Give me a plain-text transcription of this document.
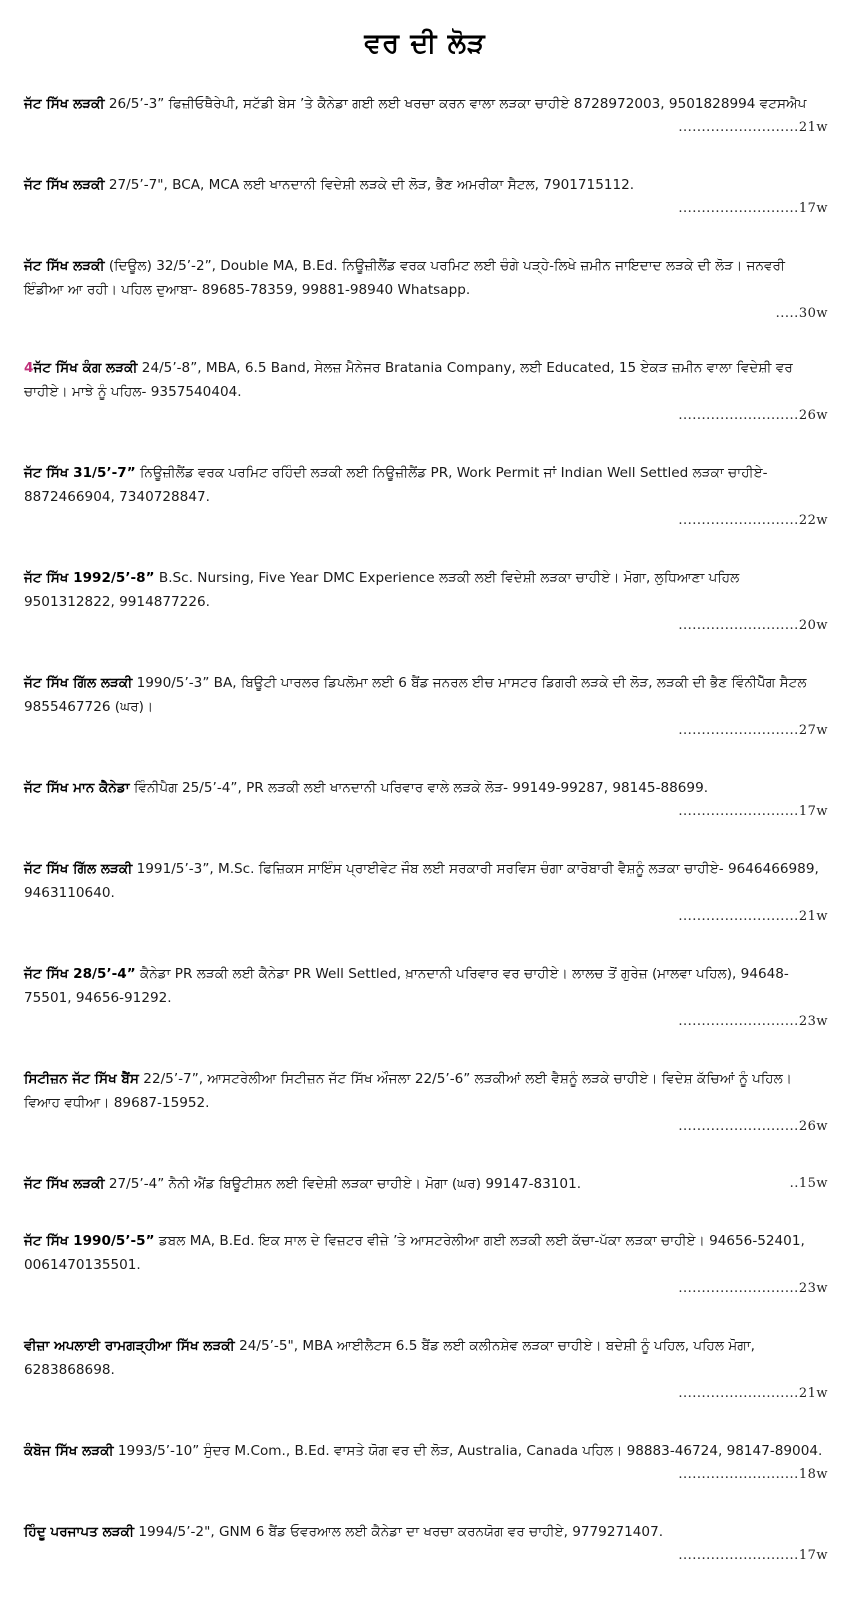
ਵਰ ਦੀ ਲੋੜ
ਜੱਟ ਸਿੱਖ ਲੜਕੀ 26/5’-3” ਫਿਜ਼ੀਓਥੈਰੇਪੀ, ਸਟੱਡੀ ਬੇਸ ’ਤੇ ਕੈਨੇਡਾ ਗਈ ਲਈ ਖਰਚਾ ਕਰਨ ਵਾਲਾ ਲੜਕਾ ਚਾਹੀਏ 8728972003, 9501828994 ਵਟਸਐਪ
..........................21w
ਜੱਟ ਸਿੱਖ ਲੜਕੀ 27/5’-7", BCA, MCA ਲਈ ਖਾਨਦਾਨੀ ਵਿਦੇਸ਼ੀ ਲੜਕੇ ਦੀ ਲੋੜ, ਭੈਣ ਅਮਰੀਕਾ ਸੈਟਲ, 7901715112.
..........................17w
ਜੱਟ ਸਿੱਖ ਲੜਕੀ (ਦਿਊਲ) 32/5’-2”, Double MA, B.Ed. ਨਿਊਜ਼ੀਲੈਂਡ ਵਰਕ ਪਰਮਿਟ ਲਈ ਚੰਗੇ ਪੜ੍ਹੇ-ਲਿਖੇ ਜ਼ਮੀਨ ਜਾਇਦਾਦ ਲੜਕੇ ਦੀ ਲੋੜ। ਜਨਵਰੀ ਇੰਡੀਆ ਆ ਰਹੀ। ਪਹਿਲ ਦੁਆਬਾ- 89685-78359, 99881-98940 Whatsapp.
.....30w
4ਜੱਟ ਸਿੱਖ ਕੰਗ ਲੜਕੀ 24/5’-8”, MBA, 6.5 Band, ਸੇਲਜ਼ ਮੈਨੇਜਰ Bratania Company, ਲਈ Educated, 15 ਏਕੜ ਜ਼ਮੀਨ ਵਾਲਾ ਵਿਦੇਸ਼ੀ ਵਰ ਚਾਹੀਏ। ਮਾਝੇ ਨੂੰ ਪਹਿਲ- 9357540404.
..........................26w
ਜੱਟ ਸਿੱਖ 31/5’-7” ਨਿਊਜ਼ੀਲੈਂਡ ਵਰਕ ਪਰਮਿਟ ਰਹਿੰਦੀ ਲੜਕੀ ਲਈ ਨਿਊਜ਼ੀਲੈਂਡ PR, Work Permit ਜਾਂ Indian Well Settled ਲੜਕਾ ਚਾਹੀਏ- 8872466904, 7340728847.
..........................22w
ਜੱਟ ਸਿੱਖ 1992/5’-8” B.Sc. Nursing, Five Year DMC Experience ਲੜਕੀ ਲਈ ਵਿਦੇਸ਼ੀ ਲੜਕਾ ਚਾਹੀਏ। ਮੋਗਾ, ਲੁਧਿਆਣਾ ਪਹਿਲ 9501312822, 9914877226.
..........................20w
ਜੱਟ ਸਿੱਖ ਗਿੱਲ ਲੜਕੀ 1990/5’-3” BA, ਬਿਊਟੀ ਪਾਰਲਰ ਡਿਪਲੋਮਾ ਲਈ 6 ਬੈਂਡ ਜਨਰਲ ਈਚ ਮਾਸਟਰ ਡਿਗਰੀ ਲੜਕੇ ਦੀ ਲੋੜ, ਲੜਕੀ ਦੀ ਭੈਣ ਵਿੰਨੀਪੈੱਗ ਸੈਟਲ 9855467726 (ਘਰ)।
..........................27w
ਜੱਟ ਸਿੱਖ ਮਾਨ ਕੈਨੇਡਾ ਵਿੰਨੀਪੈਗ 25/5’-4”, PR ਲੜਕੀ ਲਈ ਖਾਨਦਾਨੀ ਪਰਿਵਾਰ ਵਾਲੇ ਲੜਕੇ ਲੋੜ- 99149-99287, 98145-88699.
..........................17w
ਜੱਟ ਸਿੱਖ ਗਿੱਲ ਲੜਕੀ 1991/5’-3”, M.Sc. ਫਿਜ਼ਿਕਸ ਸਾਇੰਸ ਪ੍ਰਾਈਵੇਟ ਜੌਬ ਲਈ ਸਰਕਾਰੀ ਸਰਵਿਸ ਚੰਗਾ ਕਾਰੋਬਾਰੀ ਵੈਸ਼ਨੂੰ ਲੜਕਾ ਚਾਹੀਏ- 9646466989, 9463110640.
..........................21w
ਜੱਟ ਸਿੱਖ 28/5’-4” ਕੈਨੇਡਾ PR ਲੜਕੀ ਲਈ ਕੈਨੇਡਾ PR Well Settled, ਖ਼ਾਨਦਾਨੀ ਪਰਿਵਾਰ ਵਰ ਚਾਹੀਏ। ਲਾਲਚ ਤੋਂ ਗੁਰੇਜ਼ (ਮਾਲਵਾ ਪਹਿਲ), 94648-75501, 94656-91292.
..........................23w
ਸਿਟੀਜ਼ਨ ਜੱਟ ਸਿੱਖ ਬੈਂਸ 22/5’-7”, ਆਸਟਰੇਲੀਆ ਸਿਟੀਜ਼ਨ ਜੱਟ ਸਿੱਖ ਔਜਲਾ 22/5’-6” ਲੜਕੀਆਂ ਲਈ ਵੈਸ਼ਨੂੰ ਲੜਕੇ ਚਾਹੀਏ। ਵਿਦੇਸ਼ ਕੱਚਿਆਂ ਨੂੰ ਪਹਿਲ। ਵਿਆਹ ਵਧੀਆ। 89687-15952.
..........................26w
ਜੱਟ ਸਿੱਖ ਲੜਕੀ 27/5’-4” ਨੈਨੀ ਐਂਡ ਬਿਊਟੀਸ਼ਨ ਲਈ ਵਿਦੇਸ਼ੀ ਲੜਕਾ ਚਾਹੀਏ। ਮੋਗਾ (ਘਰ) 99147-83101.	..15w
ਜੱਟ ਸਿੱਖ 1990/5’-5” ਡਬਲ MA, B.Ed. ਇਕ ਸਾਲ ਦੇ ਵਿਜ਼ਟਰ ਵੀਜ਼ੇ ’ਤੇ ਆਸਟਰੇਲੀਆ ਗਈ ਲੜਕੀ ਲਈ ਕੱਚਾ-ਪੱਕਾ ਲੜਕਾ ਚਾਹੀਏ। 94656-52401, 0061470135501.
..........................23w
ਵੀਜ਼ਾ ਅਪਲਾਈ ਰਾਮਗੜ੍ਹੀਆ ਸਿੱਖ ਲੜਕੀ 24/5’-5", MBA ਆਈਲੈਟਸ 6.5 ਬੈਂਡ ਲਈ ਕਲੀਨਸ਼ੇਵ ਲੜਕਾ ਚਾਹੀਏ। ਬਦੇਸ਼ੀ ਨੂੰ ਪਹਿਲ, ਪਹਿਲ ਮੋਗਾ, 6283868698.
..........................21w
ਕੰਬੋਜ ਸਿੱਖ ਲੜਕੀ 1993/5’-10” ਸੁੰਦਰ M.Com., B.Ed. ਵਾਸਤੇ ਯੋਗ ਵਰ ਦੀ ਲੋੜ, Australia, Canada ਪਹਿਲ। 98883-46724, 98147-89004.
..........................18w
ਹਿੰਦੂ ਪਰਜਾਪਤ ਲੜਕੀ 1994/5’-2", GNM 6 ਬੈਂਡ ਓਵਰਆਲ ਲਈ ਕੈਨੇਡਾ ਦਾ ਖਰਚਾ ਕਰਨਯੋਗ ਵਰ ਚਾਹੀਏ, 9779271407.
..........................17w
